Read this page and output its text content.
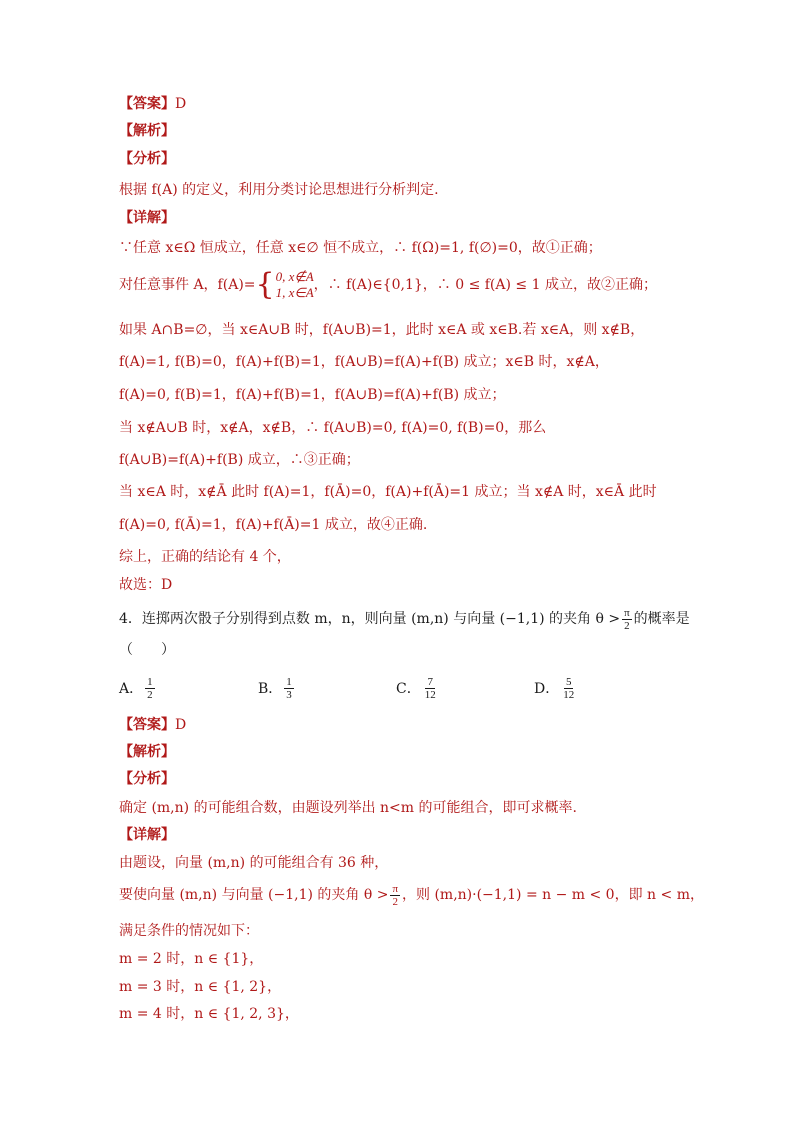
【答案】D
【解析】
【分析】
根据 f(A) 的定义，利用分类讨论思想进行分析判定.
【详解】
∵任意 x∈Ω 恒成立，任意 x∈∅ 恒不成立，∴ f(Ω)=1, f(∅)=0，故①正确；
对任意事件 A，f(A)= { 0, x∉A
1, x∈A ，∴ f(A)∈{0,1}，∴ 0 ≤ f(A) ≤ 1 成立，故②正确；
如果 A∩B=∅，当 x∈A∪B 时，f(A∪B)=1，此时 x∈A 或 x∈B.若 x∈A，则 x∉B，
f(A)=1, f(B)=0，f(A)+f(B)=1，f(A∪B)=f(A)+f(B) 成立；x∈B 时，x∉A，
f(A)=0, f(B)=1，f(A)+f(B)=1，f(A∪B)=f(A)+f(B) 成立；
当 x∉A∪B 时，x∉A，x∉B，∴ f(A∪B)=0, f(A)=0, f(B)=0，那么
f(A∪B)=f(A)+f(B) 成立，∴③正确；
当 x∈A 时，x∉Ā 此时 f(A)=1，f(Ā)=0，f(A)+f(Ā)=1 成立；当 x∉A 时，x∈Ā 此时
f(A)=0, f(Ā)=1，f(A)+f(Ā)=1 成立，故④正确.
综上，正确的结论有 4 个，
故选：D
4．连掷两次骰子分别得到点数 m，n，则向量 (m,n) 与向量 (−1,1) 的夹角 $\theta > \frac{\pi}{2}$ 的概率是
（　　）
A． $\frac{1}{2}$	B． $\frac{1}{3}$	C． $\frac{7}{12}$	D． $\frac{5}{12}$
【答案】D
【解析】
【分析】
确定 (m,n) 的可能组合数，由题设列举出 n<m 的可能组合，即可求概率.
【详解】
由题设，向量 (m,n) 的可能组合有 36 种，
要使向量 (m,n) 与向量 (−1,1) 的夹角 $\theta > \frac{\pi}{2}$ ，则 (m,n)·(−1,1) = n − m < 0，即 n < m，
满足条件的情况如下：
m = 2 时，n ∈ {1}，
m = 3 时，n ∈ {1, 2}，
m = 4 时，n ∈ {1, 2, 3}，
